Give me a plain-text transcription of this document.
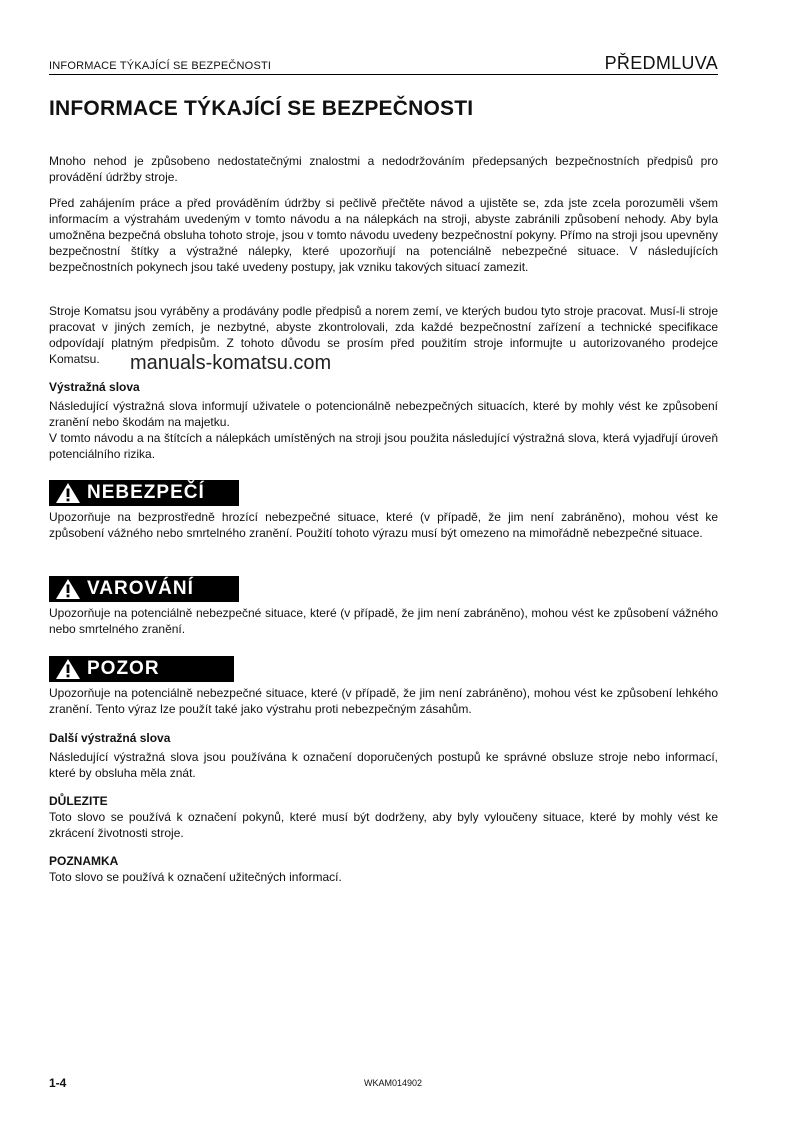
INFORMACE TÝKAJÍCÍ SE BEZPEČNOSTI	PŘEDMLUVA
INFORMACE TÝKAJÍCÍ SE BEZPEČNOSTI

Mnoho nehod je způsobeno nedostatečnými znalostmi a nedodržováním předepsaných bezpečnostních předpisů pro provádění údržby stroje.

Před zahájením práce a před prováděním údržby si pečlivě přečtěte návod a ujistěte se, zda jste zcela porozuměli všem informacím a výstrahám uvedeným v tomto návodu a na nálepkách na stroji, abyste zabránili způsobení nehody. Aby byla umožněna bezpečná obsluha tohoto stroje, jsou v tomto návodu uvedeny bezpečnostní pokyny. Přímo na stroji jsou upevněny bezpečnostní štítky a výstražné nálepky, které upozorňují na potenciálně nebezpečné situace. V následujících bezpečnostních pokynech jsou také uvedeny postupy, jak vzniku takových situací zamezit.

Stroje Komatsu jsou vyráběny a prodávány podle předpisů a norem zemí, ve kterých budou tyto stroje pracovat. Musí-li stroje pracovat v jiných zemích, je nezbytné, abyste zkontrolovali, zda každé bezpečnostní zařízení a technické specifikace odpovídají platným předpisům. Z tohoto důvodu se prosím před použitím stroje informujte u autorizovaného prodejce Komatsu.	manuals-komatsu.com

Výstražná slova

Následující výstražná slova informují uživatele o potencionálně nebezpečných situacích, které by mohly vést ke způsobení zranění nebo škodám na majetku.

V tomto návodu a na štítcích a nálepkách umístěných na stroji jsou použita následující výstražná slova, která vyjadřují úroveň potenciálního rizika.

NEBEZPEČÍ

Upozorňuje na bezprostředně hrozící nebezpečné situace, které (v případě, že jim není zabráněno), mohou vést ke způsobení vážného nebo smrtelného zranění. Použití tohoto výrazu musí být omezeno na mimořádně nebezpečné situace.

VAROVÁNÍ

Upozorňuje na potenciálně nebezpečné situace, které (v případě, že jim není zabráněno), mohou vést ke způsobení vážného nebo smrtelného zranění.

POZOR

Upozorňuje na potenciálně nebezpečné situace, které (v případě, že jim není zabráněno), mohou vést ke způsobení lehkého zranění. Tento výraz lze použít také jako výstrahu proti nebezpečným zásahům.

Další výstražná slova

Následující výstražná slova jsou používána k označení doporučených postupů ke správné obsluze stroje nebo informací, které by obsluha měla znát.

DŮLEZITE

Toto slovo se používá k označení pokynů, které musí být dodrženy, aby byly vyloučeny situace, které by mohly vést ke zkrácení životnosti stroje.

POZNAMKA

Toto slovo se používá k označení užitečných informací.

1-4	WKAM014902
